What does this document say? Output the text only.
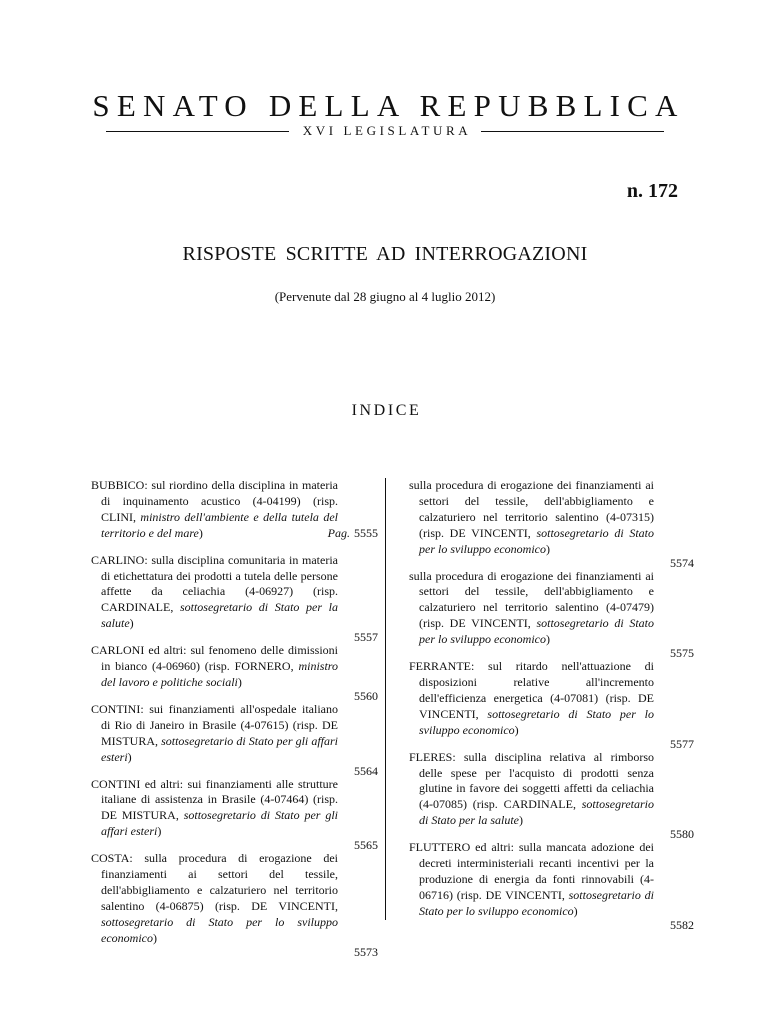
SENATO DELLA REPUBBLICA
XVI LEGISLATURA
n. 172
RISPOSTE SCRITTE AD INTERROGAZIONI
(Pervenute dal 28 giugno al 4 luglio 2012)
INDICE
BUBBICO: sul riordino della disciplina in materia di inquinamento acustico (4-04199) (risp. CLINI, ministro dell'ambiente e della tutela del territorio e del mare)	Pag. 5555
CARLINO: sulla disciplina comunitaria in materia di etichettatura dei prodotti a tutela delle persone affette da celiachia (4-06927) (risp. CARDINALE, sottosegretario di Stato per la salute)
5557
CARLONI ed altri: sul fenomeno delle dimissioni in bianco (4-06960) (risp. FORNERO, ministro del lavoro e politiche sociali)
5560
CONTINI: sui finanziamenti all'ospedale italiano di Rio di Janeiro in Brasile (4-07615) (risp. DE MISTURA, sottosegretario di Stato per gli affari esteri)
5564
CONTINI ed altri: sui finanziamenti alle strutture italiane di assistenza in Brasile (4-07464) (risp. DE MISTURA, sottosegretario di Stato per gli affari esteri)
5565
COSTA: sulla procedura di erogazione dei finanziamenti ai settori del tessile, dell'abbigliamento e calzaturiero nel territorio salentino (4-06875) (risp. DE VINCENTI, sottosegretario di Stato per lo sviluppo economico)
5573
sulla procedura di erogazione dei finanziamenti ai settori del tessile, dell'abbigliamento e calzaturiero nel territorio salentino (4-07315) (risp. DE VINCENTI, sottosegretario di Stato per lo sviluppo economico)
5574
sulla procedura di erogazione dei finanziamenti ai settori del tessile, dell'abbigliamento e calzaturiero nel territorio salentino (4-07479) (risp. DE VINCENTI, sottosegretario di Stato per lo sviluppo economico)
5575
FERRANTE: sul ritardo nell'attuazione di disposizioni relative all'incremento dell'efficienza energetica (4-07081) (risp. DE VINCENTI, sottosegretario di Stato per lo sviluppo economico)
5577
FLERES: sulla disciplina relativa al rimborso delle spese per l'acquisto di prodotti senza glutine in favore dei soggetti affetti da celiachia (4-07085) (risp. CARDINALE, sottosegretario di Stato per la salute)
5580
FLUTTERO ed altri: sulla mancata adozione dei decreti interministeriali recanti incentivi per la produzione di energia da fonti rinnovabili (4-06716) (risp. DE VINCENTI, sottosegretario di Stato per lo sviluppo economico)
5582
